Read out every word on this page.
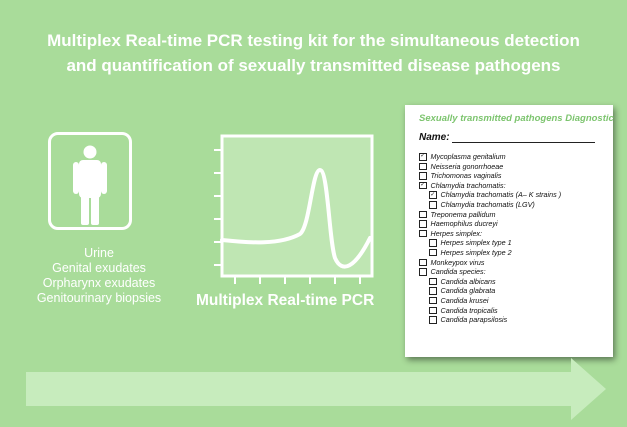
Multiplex Real-time PCR testing kit for the simultaneous detection
and quantification of sexually transmitted disease pathogens
Urine
Genital exudates
Orpharynx exudates
Genitourinary biopsies	Multiplex Real-time PCR
Sexually transmitted pathogens Diagnostic
Name:
✓ Mycoplasma genitalium
Neisseria gonorrhoeae
Trichomonas vaginalis
✓ Chlamydia trachomatis:
✓ Chlamydia trachomatis (A– K strains )
Chlamydia trachomatis (LGV)
Treponema pallidum
Haemophilus ducreyi
Herpes simplex:
Herpes simplex type 1
Herpes simplex type 2
Monkeypox virus
Candida species:
Candida albicans
Candida glabrata
Candida krusei
Candida tropicalis
Candida parapsilosis
